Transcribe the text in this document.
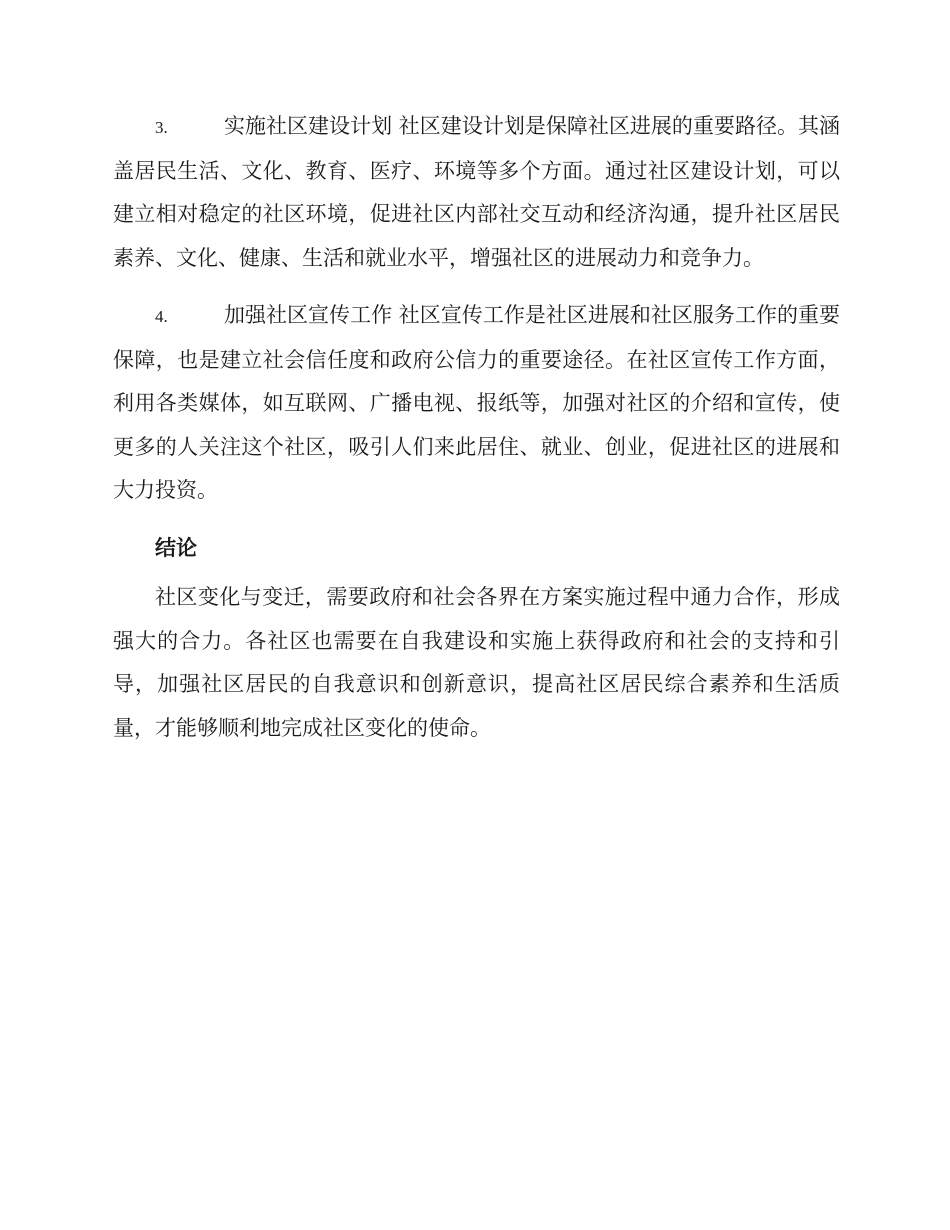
3.	实施社区建设计划 社区建设计划是保障社区进展的重要路径。其涵盖居民生活、文化、教育、医疗、环境等多个方面。通过社区建设计划，可以建立相对稳定的社区环境，促进社区内部社交互动和经济沟通，提升社区居民素养、文化、健康、生活和就业水平，增强社区的进展动力和竞争力。

4.	加强社区宣传工作 社区宣传工作是社区进展和社区服务工作的重要保障，也是建立社会信任度和政府公信力的重要途径。在社区宣传工作方面，利用各类媒体，如互联网、广播电视、报纸等，加强对社区的介绍和宣传，使更多的人关注这个社区，吸引人们来此居住、就业、创业，促进社区的进展和大力投资。

结论

社区变化与变迁，需要政府和社会各界在方案实施过程中通力合作，形成强大的合力。各社区也需要在自我建设和实施上获得政府和社会的支持和引导，加强社区居民的自我意识和创新意识，提高社区居民综合素养和生活质量，才能够顺利地完成社区变化的使命。
